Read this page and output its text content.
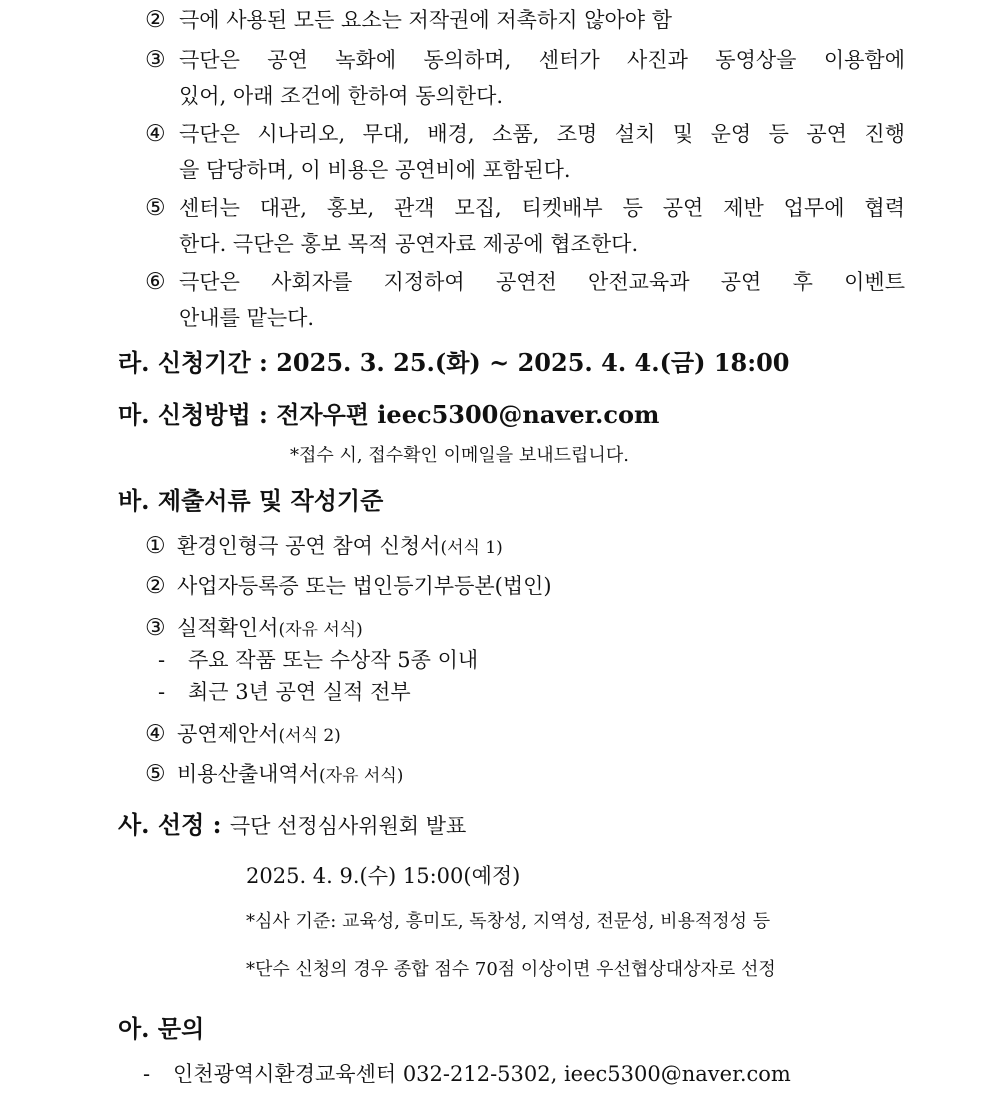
② 극에 사용된 모든 요소는 저작권에 저촉하지 않아야 함
③ 극단은 공연 녹화에 동의하며, 센터가 사진과 동영상을 이용함에
있어, 아래 조건에 한하여 동의한다.
④ 극단은 시나리오, 무대, 배경, 소품, 조명 설치 및 운영 등 공연 진행
을 담당하며, 이 비용은 공연비에 포함된다.
⑤ 센터는 대관, 홍보, 관객 모집, 티켓배부 등 공연 제반 업무에 협력
한다. 극단은 홍보 목적 공연자료 제공에 협조한다.
⑥ 극단은 사회자를 지정하여 공연전 안전교육과 공연 후 이벤트
안내를 맡는다.
라. 신청기간 : 2025. 3. 25.(화) ~ 2025. 4. 4.(금) 18:00
마. 신청방법 : 전자우편 ieec5300@naver.com
*접수 시, 접수확인 이메일을 보내드립니다.
바. 제출서류 및 작성기준
① 환경인형극 공연 참여 신청서(서식 1)
② 사업자등록증 또는 법인등기부등본(법인)
③ 실적확인서(자유 서식)
- 주요 작품 또는 수상작 5종 이내
- 최근 3년 공연 실적 전부
④ 공연제안서(서식 2)
⑤ 비용산출내역서(자유 서식)
사. 선정 : 극단 선정심사위원회 발표
2025. 4. 9.(수) 15:00(예정)
*심사 기준: 교육성, 흥미도, 독창성, 지역성, 전문성, 비용적정성 등
*단수 신청의 경우 종합 점수 70점 이상이면 우선협상대상자로 선정
아. 문의
- 인천광역시환경교육센터 032-212-5302, ieec5300@naver.com
